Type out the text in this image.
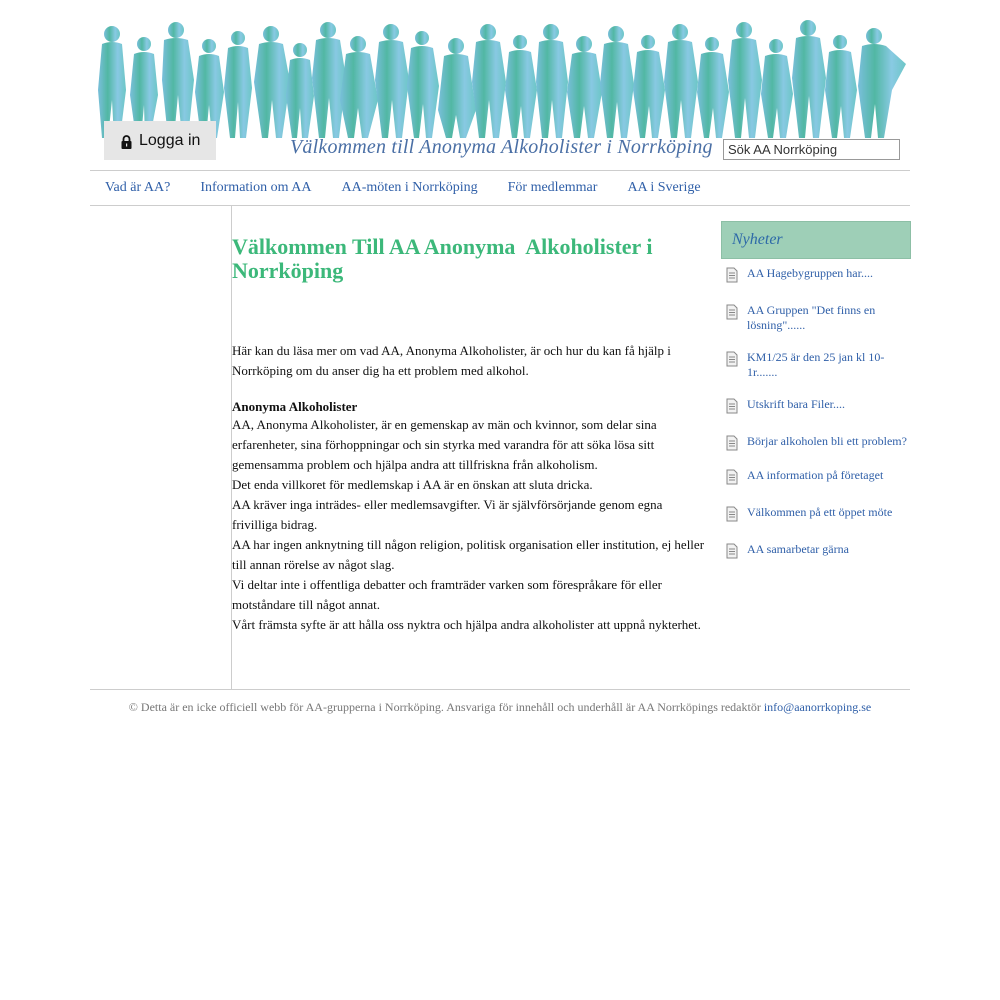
Välkommen till Anonyma Alkoholister i Norrköping
Logga in
Sök AA Norrköping
Vad är AA? Information om AA AA-möten i Norrköping För medlemmar AA i Sverige
Välkommen Till AA Anonyma  Alkoholister i Norrköping

Här kan du läsa mer om vad AA, Anonyma Alkoholister, är och hur du kan få hjälp i Norrköping om du anser dig ha ett problem med alkohol.

Anonyma Alkoholister

AA, Anonyma Alkoholister, är en gemenskap av män och kvinnor, som delar sina erfarenheter, sina förhoppningar och sin styrka med varandra för att söka lösa sitt gemensamma problem och hjälpa andra att tillfriskna från alkoholism.

Det enda villkoret för medlemskap i AA är en önskan att sluta dricka.

AA kräver inga inträdes- eller medlemsavgifter. Vi är självförsörjande genom egna frivilliga bidrag.

AA har ingen anknytning till någon religion, politisk organisation eller institution, ej heller till annan rörelse av något slag.

Vi deltar inte i offentliga debatter och framträder varken som förespråkare för eller motståndare till något annat.

Vårt främsta syfte är att hålla oss nyktra och hjälpa andra alkoholister att uppnå nykterhet.

Nyheter
AA Hagebygruppen har....
AA Gruppen "Det finns en lösning"......
KM1/25 är den 25 jan kl 10-1r.......
Utskrift bara Filer....
Börjar alkoholen bli ett problem?
AA information på företaget
Välkommen på ett öppet möte
AA samarbetar gärna
© Detta är en icke officiell webb för AA-grupperna i Norrköping. Ansvariga för innehåll och underhåll är AA Norrköpings redaktör info@aanorrkoping.se
